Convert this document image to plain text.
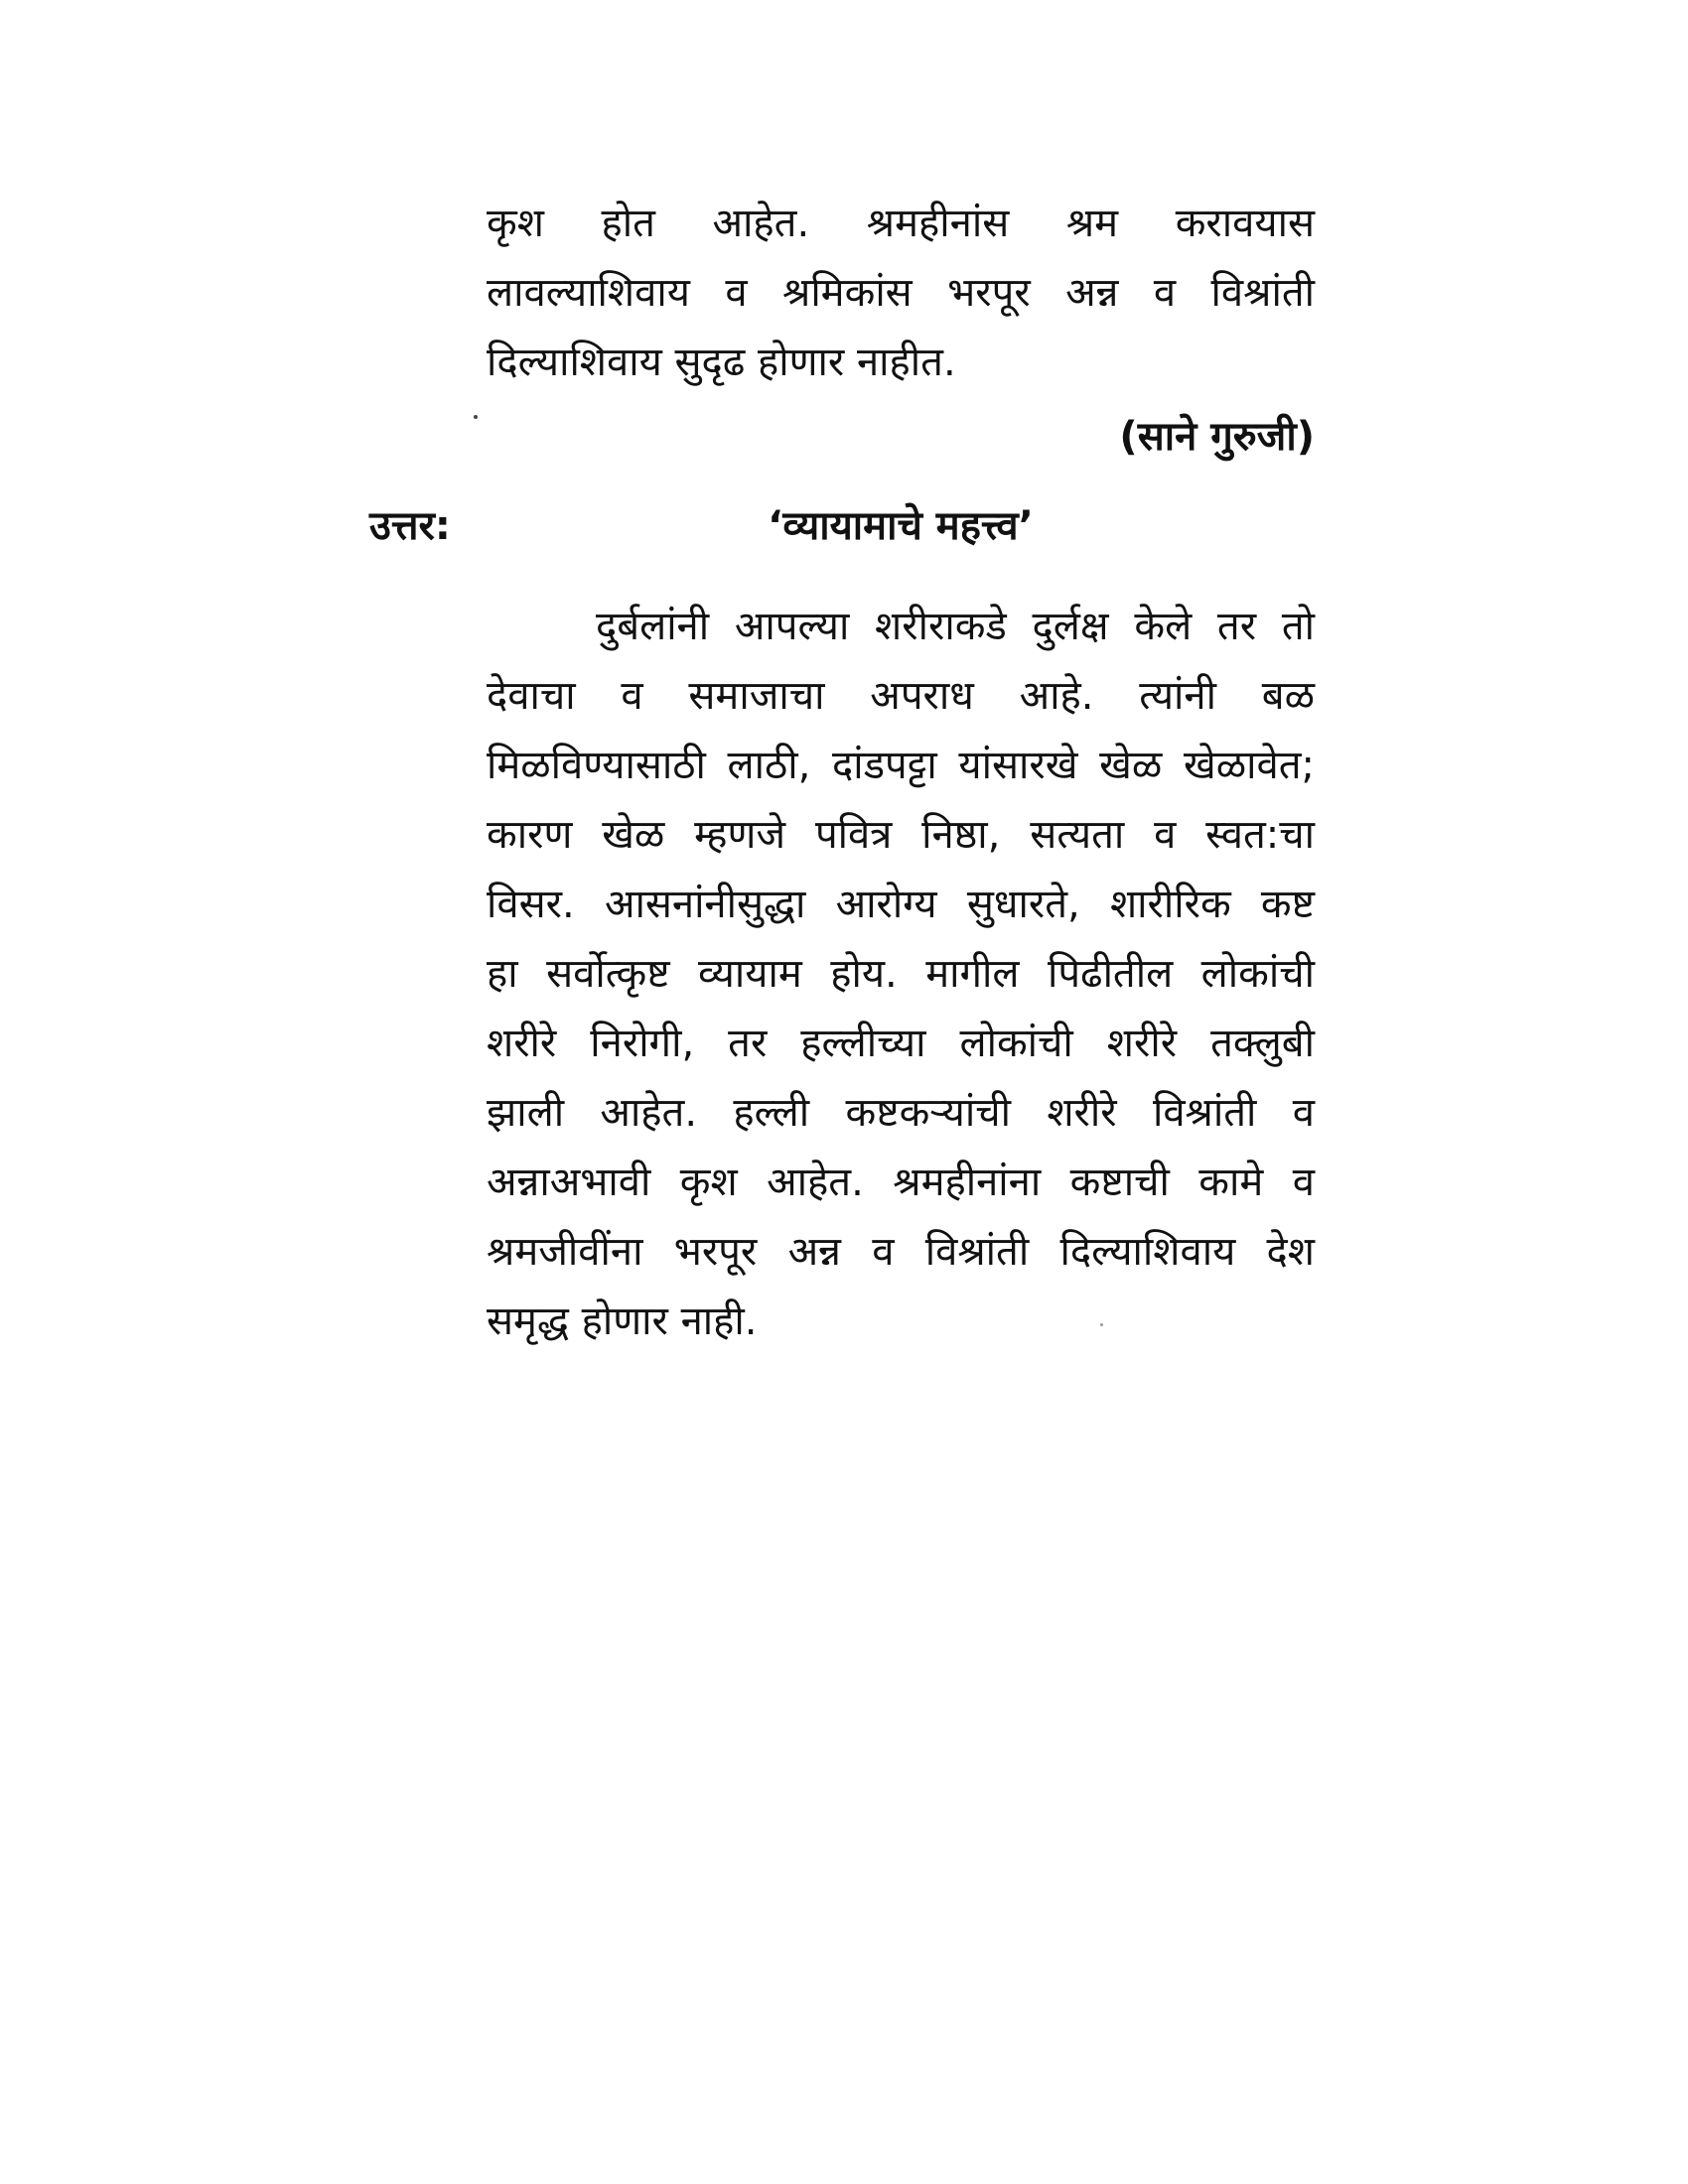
कृश होत आहेत. श्रमहीनांस श्रम करावयास
लावल्याशिवाय व श्रमिकांस भरपूर अन्न व विश्रांती
दिल्याशिवाय सुदृढ होणार नाहीत.
(साने गुरुजी)
उत्तर:	‘व्यायामाचे महत्त्व’
दुर्बलांनी आपल्या शरीराकडे दुर्लक्ष केले तर तो
देवाचा व समाजाचा अपराध आहे. त्यांनी बळ
मिळविण्यासाठी लाठी, दांडपट्टा यांसारखे खेळ खेळावेत;
कारण खेळ म्हणजे पवित्र निष्ठा, सत्यता व स्वत:चा
विसर. आसनांनीसुद्धा आरोग्य सुधारते, शारीरिक कष्ट
हा सर्वोत्कृष्ट व्यायाम होय. मागील पिढीतील लोकांची
शरीरे निरोगी, तर हल्लीच्या लोकांची शरीरे तक्लुबी
झाली आहेत. हल्ली कष्टकऱ्यांची शरीरे विश्रांती व
अन्नाअभावी कृश आहेत. श्रमहीनांना कष्टाची कामे व
श्रमजीवींना भरपूर अन्न व विश्रांती दिल्याशिवाय देश
समृद्ध होणार नाही.
